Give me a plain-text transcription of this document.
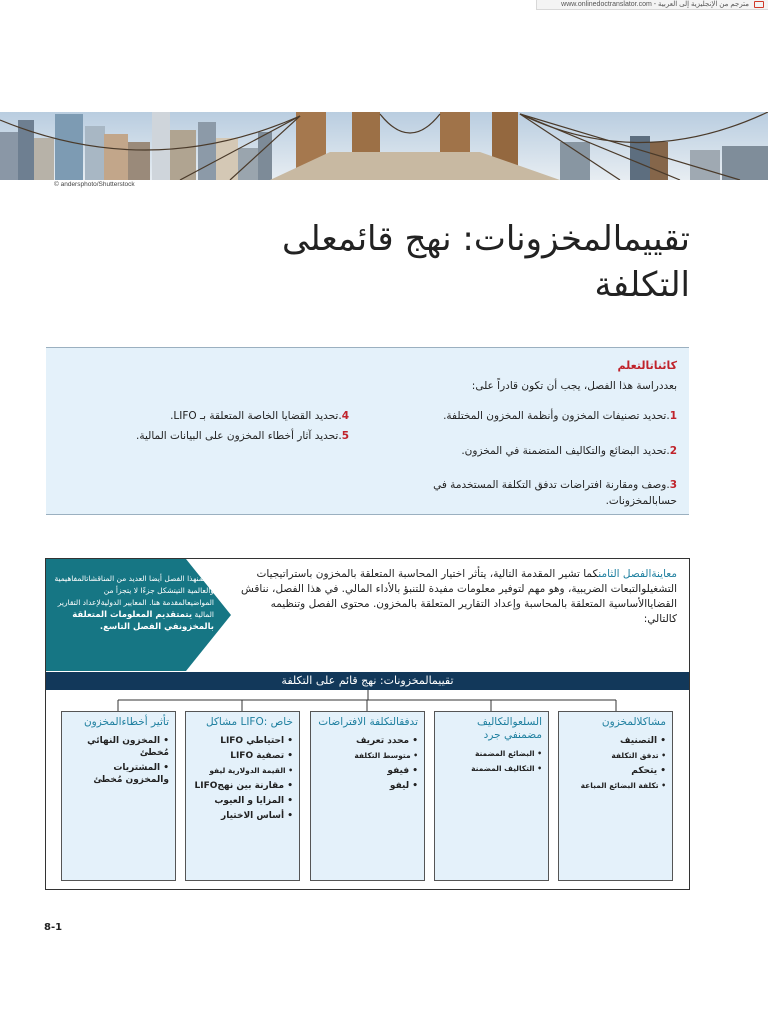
www.onlinedoctranslator.com - مترجم من الإنجليزية إلى العربية
© andersphoto/Shutterstock
تقييمالمخزونات: نهج قائمعلى التكلفة
كائناتالتعلم
بعددراسة هذا الفصل، يجب أن تكون قادراً على:
1.تحديد تصنيفات المخزون وأنظمة المخزون المختلفة.
2.تحديد البضائع والتكاليف المتضمنة في المخزون.
3.وصف ومقارنة افتراضات تدفق التكلفة المستخدمة في حسابالمخزونات.
4.تحديد القضايا الخاصة المتعلقة بـ LIFO.
5.تحديد آثار أخطاء المخزون على البيانات المالية.
يتضمنهذا الفصل أيضا العديد من المناقشاتالمفاهيمية والعالمية التيتشكل جزءًا لا يتجزأ من المواضيعالمقدمة هنا. المعايير الدوليةلإعداد التقارير المالية يتمتقديم المعلومات المتعلقة بالمخزونفي الفصل التاسع.
معاينةالفصل الثامنكما تشير المقدمة التالية، يتأثر اختيار المحاسبة المتعلقة بالمخزون باستراتيجيات التشغيلوالتبعات الضريبية، وهو مهم لتوفير معلومات مفيدة للتنبؤ بالأداء المالي. في هذا الفصل، نناقش القضاياالأساسية المتعلقة بالمحاسبة وإعداد التقارير المتعلقة بالمخزون. محتوى الفصل وتنظيمه كالتالي:
تقييمالمخزونات: نهج قائم على التكلفة
مشاكلالمخزون
• التصنيف
• تدفق التكلفة
• يتحكم
• تكلفة البضائع المباعة
السلعوالتكاليف مضمنفي جرد
• البضائع المضمنة
• التكاليف المضمنة
تدفقالتكلفة الافتراضات
• محدد تعريف
• متوسط التكلفة
• فيفو
• ليفو
خاص :LIFO مشاكل
• احتياطي LIFO
• تصفية LIFO
• القيمة الدولارية ليفو
• مقارنة بين نهجLIFO
• المزايا و العيوب
• أساس الاختيار
تأثير أخطاءالمخزون
• المخزون النهائي مُخطئ
• المشتريات والمخزون مُخطئ
8-1
